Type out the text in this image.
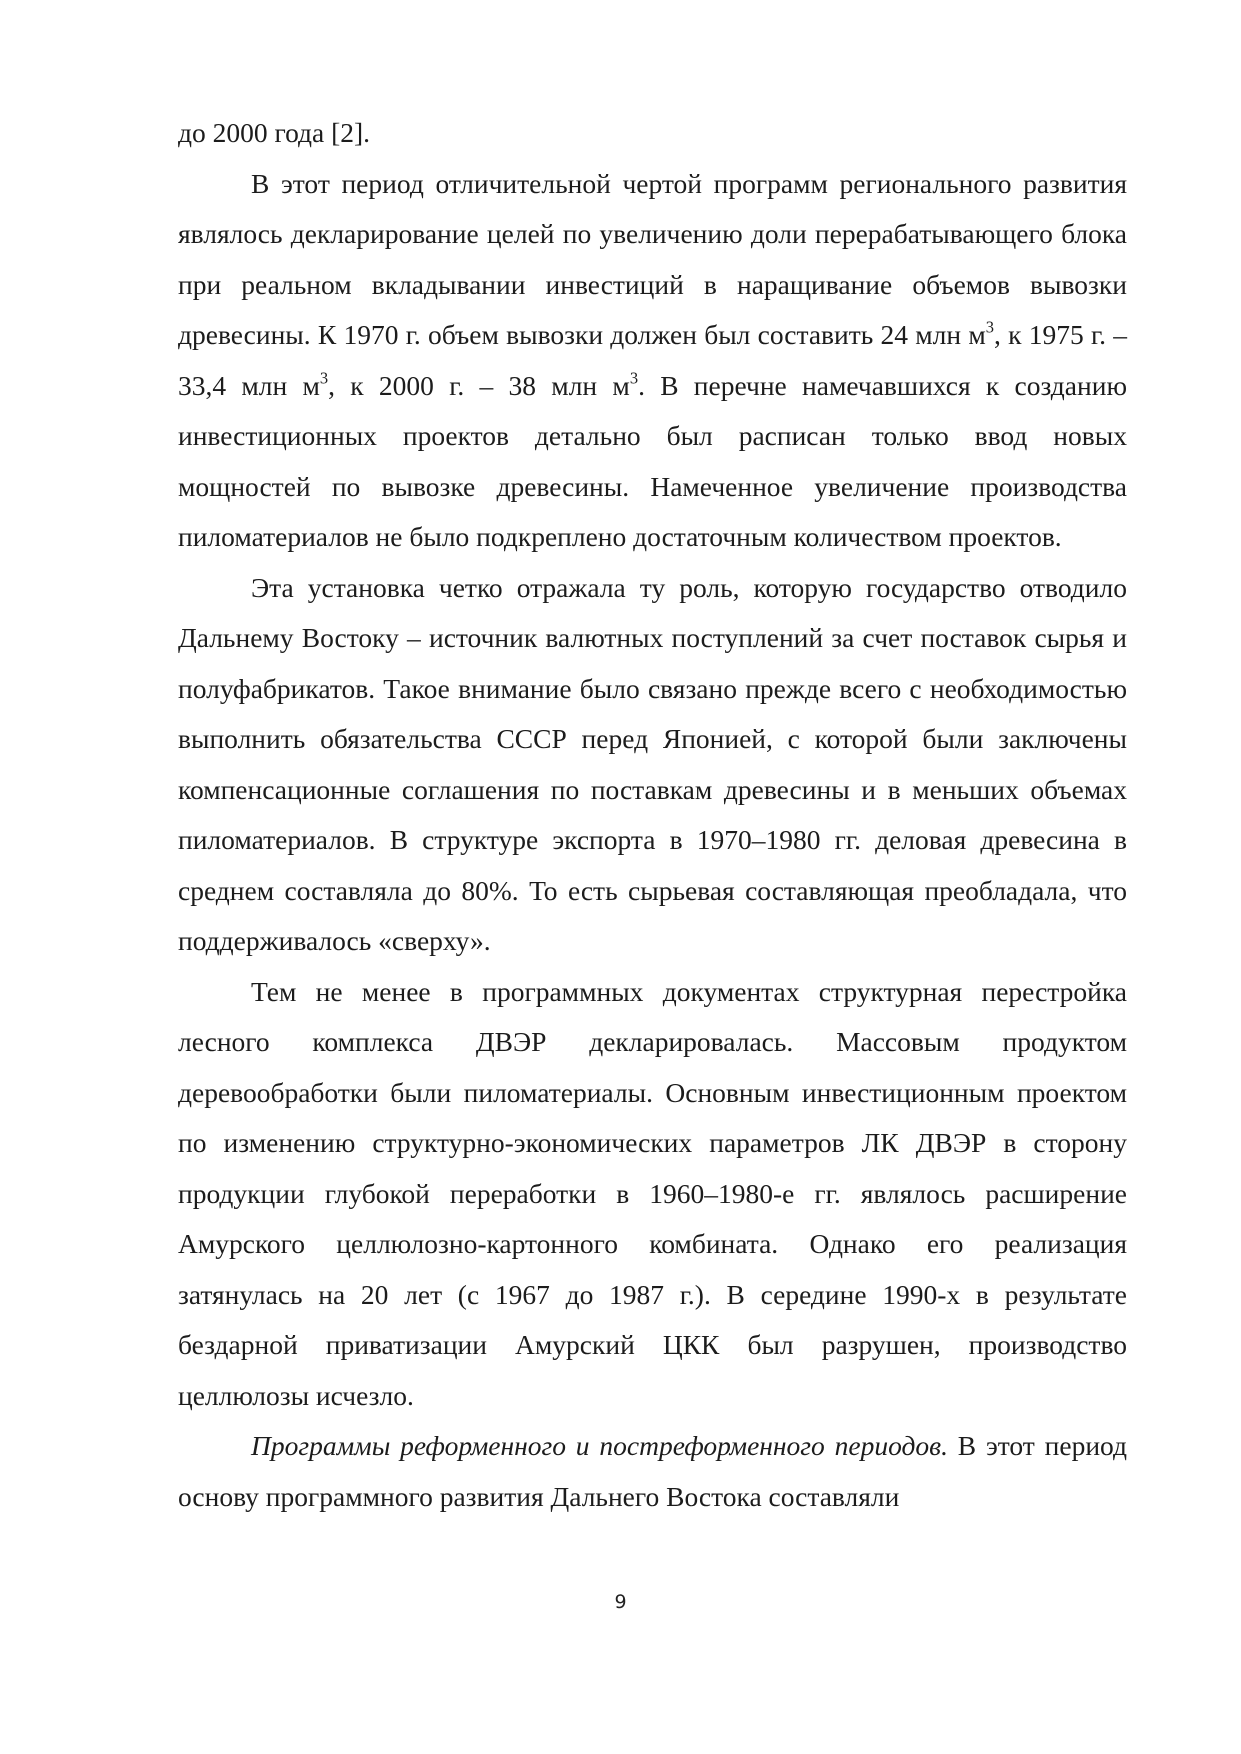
до 2000 года [2].

В этот период отличительной чертой программ регионального развития являлось декларирование целей по увеличению доли перерабатывающего блока при реальном вкладывании инвестиций в наращивание объемов вывозки древесины. К 1970 г. объем вывозки должен был составить 24 млн $м^3$, к 1975 г. – 33,4 млн $м^3$, к 2000 г. – 38 млн $м^3$. В перечне намечавшихся к созданию инвестиционных проектов детально был расписан только ввод новых мощностей по вывозке древесины. Намеченное увеличение производства пиломатериалов не было подкреплено достаточным количеством проектов.

Эта установка четко отражала ту роль, которую государство отводило Дальнему Востоку – источник валютных поступлений за счет поставок сырья и полуфабрикатов. Такое внимание было связано прежде всего с необходимостью выполнить обязательства СССР перед Японией, с которой были заключены компенсационные соглашения по поставкам древесины и в меньших объемах пиломатериалов. В структуре экспорта в 1970–1980 гг. деловая древесина в среднем составляла до 80%. То есть сырьевая составляющая преобладала, что поддерживалось «сверху».

Тем не менее в программных документах структурная перестройка лесного комплекса ДВЭР декларировалась. Массовым продуктом деревообработки были пиломатериалы. Основным инвестиционным проектом по изменению структурно-экономических параметров ЛК ДВЭР в сторону продукции глубокой переработки в 1960–1980-е гг. являлось расширение Амурского целлюлозно-картонного комбината. Однако его реализация затянулась на 20 лет (с 1967 до 1987 г.). В середине 1990-х в результате бездарной приватизации Амурский ЦКК был разрушен, производство целлюлозы исчезло.

Программы реформенного и постреформенного периодов. В этот период основу программного развития Дальнего Востока составляли

9
